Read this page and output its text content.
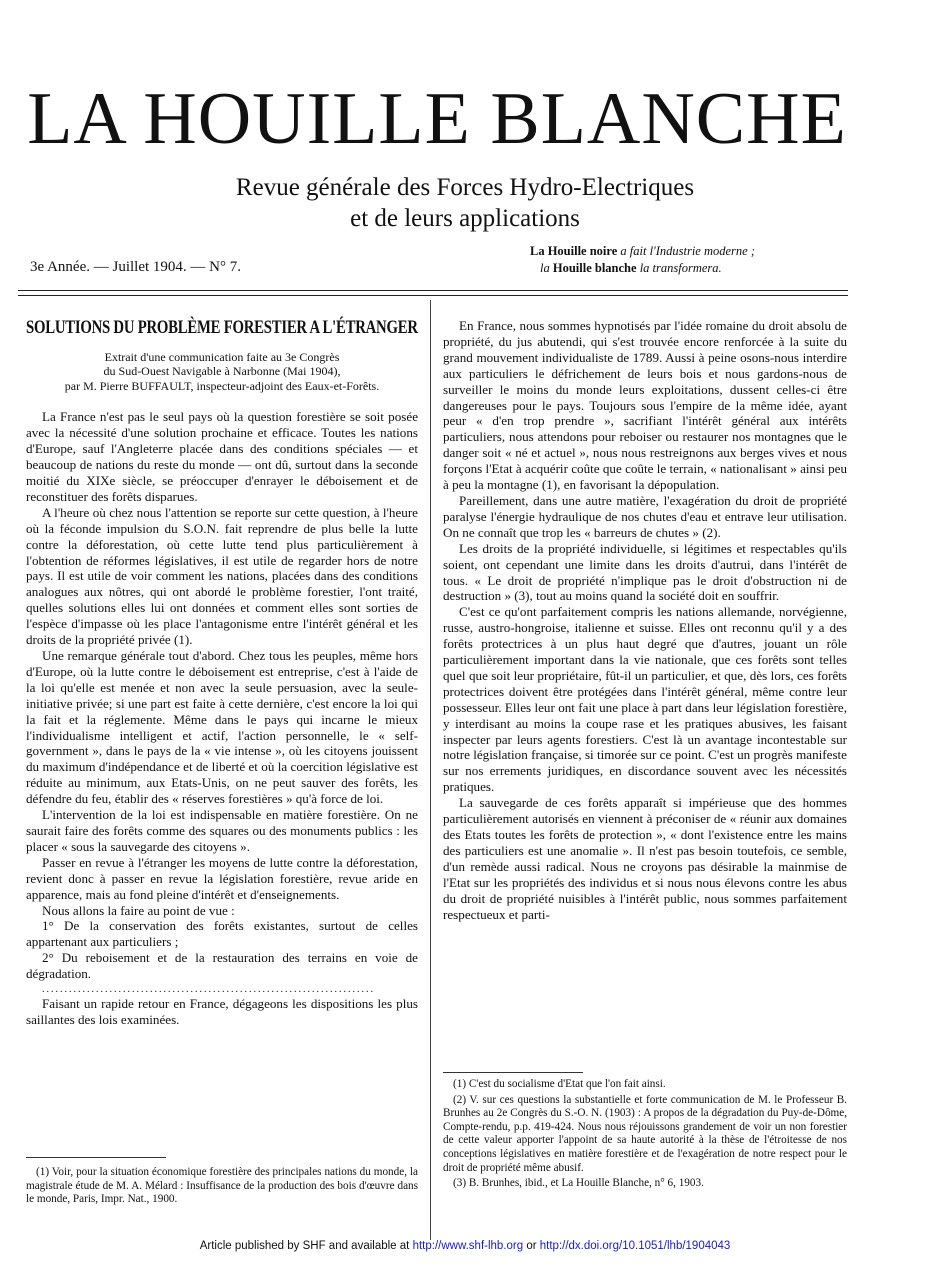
LA HOUILLE BLANCHE
Revue générale des Forces Hydro-Electriques
et de leurs applications
La Houille noire a fait l'Industrie moderne ;
la Houille blanche la transformera.
3e Année. — Juillet 1904. — N° 7.
SOLUTIONS DU PROBLÈME FORESTIER A L'ÉTRANGER
Extrait d'une communication faite au 3e Congrès
du Sud-Ouest Navigable à Narbonne (Mai 1904),
par M. Pierre BUFFAULT, inspecteur-adjoint des Eaux-et-Forêts.

La France n'est pas le seul pays où la question forestière se soit posée avec la nécessité d'une solution prochaine et efficace. Toutes les nations d'Europe, sauf l'Angleterre placée dans des conditions spéciales — et beaucoup de nations du reste du monde — ont dû, surtout dans la seconde moitié du XIXe siècle, se préoccuper d'enrayer le déboisement et de reconstituer des forêts disparues.

A l'heure où chez nous l'attention se reporte sur cette question, à l'heure où la féconde impulsion du S.O.N. fait reprendre de plus belle la lutte contre la déforestation, où cette lutte tend plus particulièrement à l'obtention de réformes législatives, il est utile de regarder hors de notre pays. Il est utile de voir comment les nations, placées dans des conditions analogues aux nôtres, qui ont abordé le problème forestier, l'ont traité, quelles solutions elles lui ont données et comment elles sont sorties de l'espèce d'impasse où les place l'antagonisme entre l'intérêt général et les droits de la propriété privée (1).

Une remarque générale tout d'abord. Chez tous les peuples, même hors d'Europe, où la lutte contre le déboisement est entreprise, c'est à l'aide de la loi qu'elle est menée et non avec la seule persuasion, avec la seule-initiative privée; si une part est faite à cette dernière, c'est encore la loi qui la fait et la réglemente. Même dans le pays qui incarne le mieux l'individualisme intelligent et actif, l'action personnelle, le « self-government », dans le pays de la « vie intense », où les citoyens jouissent du maximum d'indépendance et de liberté et où la coercition législative est réduite au minimum, aux Etats-Unis, on ne peut sauver des forêts, les défendre du feu, établir des « réserves forestières » qu'à force de loi.

L'intervention de la loi est indispensable en matière forestière. On ne saurait faire des forêts comme des squares ou des monuments publics : les placer « sous la sauvegarde des citoyens ».

Passer en revue à l'étranger les moyens de lutte contre la déforestation, revient donc à passer en revue la législation forestière, revue aride en apparence, mais au fond pleine d'intérêt et d'enseignements.

Nous allons la faire au point de vue :

1° De la conservation des forêts existantes, surtout de celles appartenant aux particuliers ;

2° Du reboisement et de la restauration des terrains en voie de dégradation.

..........................................................................

Faisant un rapide retour en France, dégageons les dispositions les plus saillantes des lois examinées.

(1) Voir, pour la situation économique forestière des principales nations du monde, la magistrale étude de M. A. Mélard : Insuffisance de la production des bois d'œuvre dans le monde, Paris, Impr. Nat., 1900.

En France, nous sommes hypnotisés par l'idée romaine du droit absolu de propriété, du jus abutendi, qui s'est trouvée encore renforcée à la suite du grand mouvement individualiste de 1789. Aussi à peine osons-nous interdire aux particuliers le défrichement de leurs bois et nous gardons-nous de surveiller le moins du monde leurs exploitations, dussent celles-ci être dangereuses pour le pays. Toujours sous l'empire de la même idée, ayant peur « d'en trop prendre », sacrifiant l'intérêt général aux intérêts particuliers, nous attendons pour reboiser ou restaurer nos montagnes que le danger soit « né et actuel », nous nous restreignons aux berges vives et nous forçons l'Etat à acquérir coûte que coûte le terrain, « nationalisant » ainsi peu à peu la montagne (1), en favorisant la dépopulation.

Pareillement, dans une autre matière, l'exagération du droit de propriété paralyse l'énergie hydraulique de nos chutes d'eau et entrave leur utilisation. On ne connaît que trop les « barreurs de chutes » (2).

Les droits de la propriété individuelle, si légitimes et respectables qu'ils soient, ont cependant une limite dans les droits d'autrui, dans l'intérêt de tous. « Le droit de propriété n'implique pas le droit d'obstruction ni de destruction » (3), tout au moins quand la société doit en souffrir.

C'est ce qu'ont parfaitement compris les nations allemande, norvégienne, russe, austro-hongroise, italienne et suisse. Elles ont reconnu qu'il y a des forêts protectrices à un plus haut degré que d'autres, jouant un rôle particulièrement important dans la vie nationale, que ces forêts sont telles quel que soit leur propriétaire, fût-il un particulier, et que, dès lors, ces forêts protectrices doivent être protégées dans l'intérêt général, même contre leur possesseur. Elles leur ont fait une place à part dans leur législation forestière, y interdisant au moins la coupe rase et les pratiques abusives, les faisant inspecter par leurs agents forestiers. C'est là un avantage incontestable sur notre législation française, si timorée sur ce point. C'est un progrès manifeste sur nos errements juridiques, en discordance souvent avec les nécessités pratiques.

La sauvegarde de ces forêts apparaît si impérieuse que des hommes particulièrement autorisés en viennent à préconiser de « réunir aux domaines des Etats toutes les forêts de protection », « dont l'existence entre les mains des particuliers est une anomalie ». Il n'est pas besoin toutefois, ce semble, d'un remède aussi radical. Nous ne croyons pas désirable la mainmise de l'Etat sur les propriétés des individus et si nous nous élevons contre les abus du droit de propriété nuisibles à l'intérêt public, nous sommes parfaitement respectueux et parti-

(1) C'est du socialisme d'Etat que l'on fait ainsi.

(2) V. sur ces questions la substantielle et forte communication de M. le Professeur B. Brunhes au 2e Congrès du S.-O. N. (1903) : A propos de la dégradation du Puy-de-Dôme, Compte-rendu, p.p. 419-424. Nous nous réjouissons grandement de voir un non forestier de cette valeur apporter l'appoint de sa haute autorité à la thèse de l'étroitesse de nos conceptions législatives en matière forestière et de l'exagération de notre respect pour le droit de propriété même abusif.

(3) B. Brunhes, ibid., et La Houille Blanche, n° 6, 1903.

Article published by SHF and available at http://www.shf-lhb.org or http://dx.doi.org/10.1051/lhb/1904043
